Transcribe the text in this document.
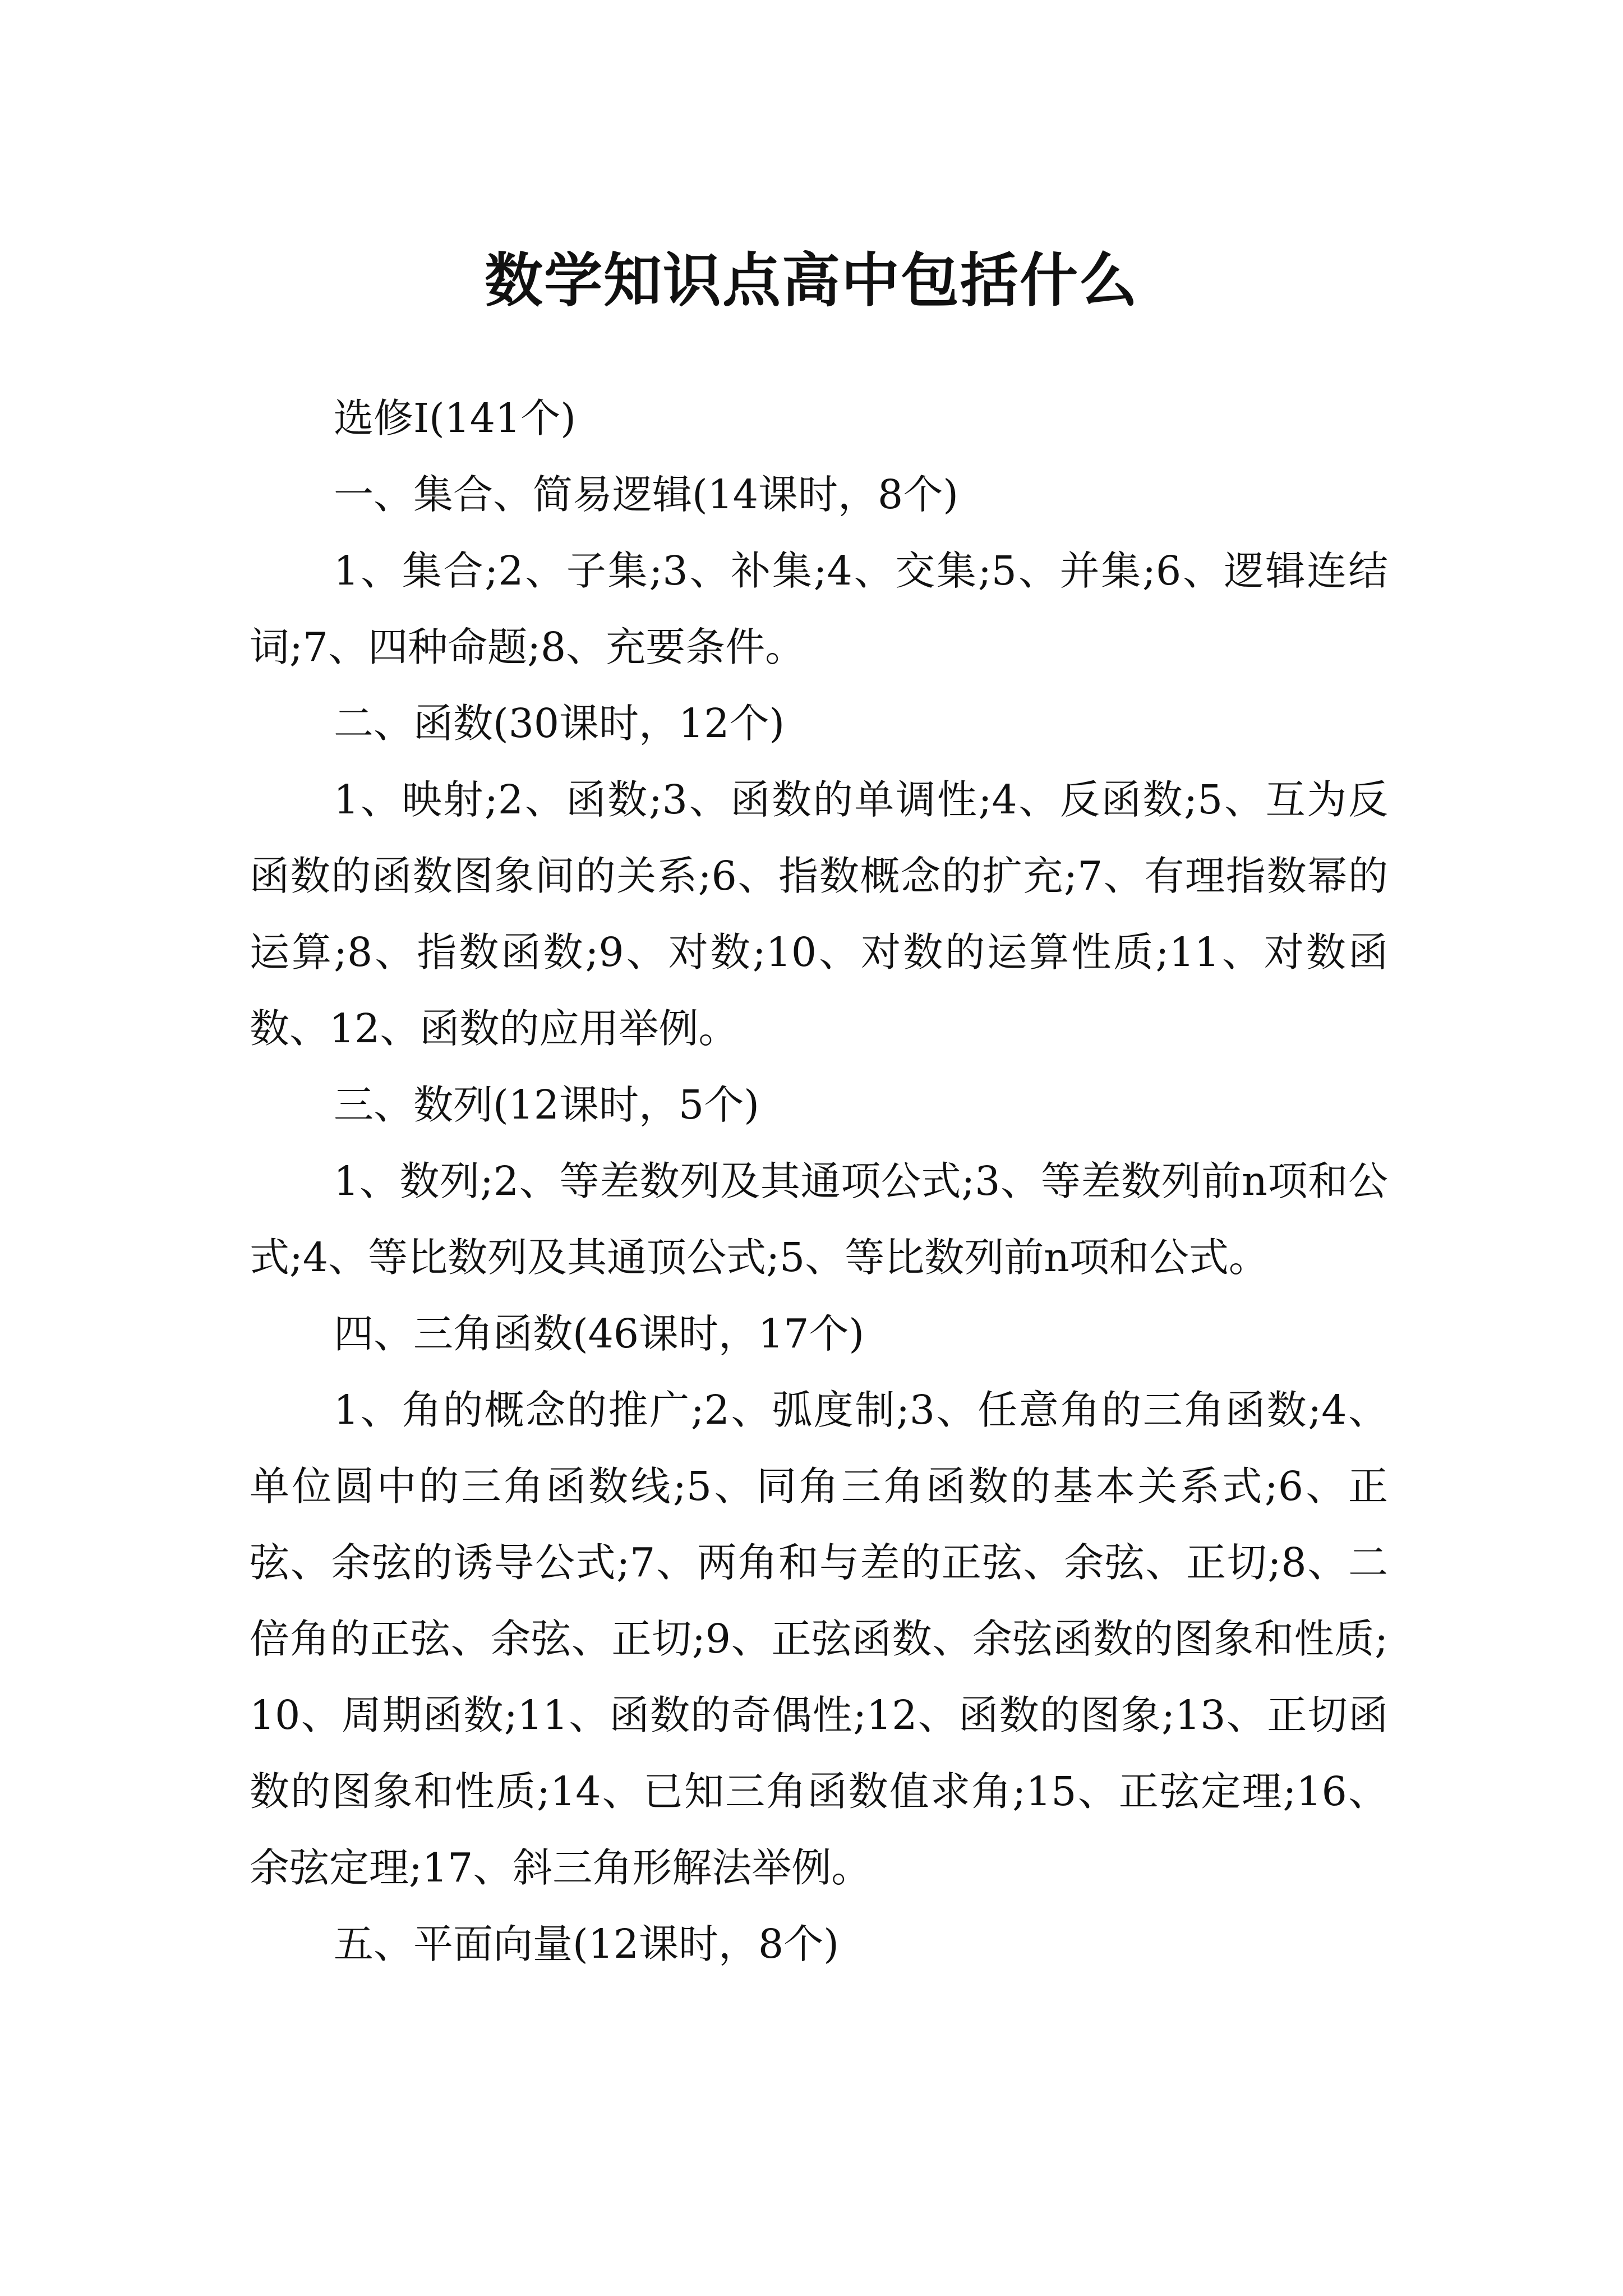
数学知识点高中包括什么

选修Ⅰ(141个)

一、集合、简易逻辑(14课时，8个)

1、集合;2、子集;3、补集;4、交集;5、并集;6、逻辑连结词;7、四种命题;8、充要条件。

二、函数(30课时，12个)

1、映射;2、函数;3、函数的单调性;4、反函数;5、互为反函数的函数图象间的关系;6、指数概念的扩充;7、有理指数幂的运算;8、指数函数;9、对数;10、对数的运算性质;11、对数函数、12、函数的应用举例。

三、数列(12课时，5个)

1、数列;2、等差数列及其通项公式;3、等差数列前n项和公式;4、等比数列及其通顶公式;5、等比数列前n项和公式。

四、三角函数(46课时，17个)

1、角的概念的推广;2、弧度制;3、任意角的三角函数;4、单位圆中的三角函数线;5、同角三角函数的基本关系式;6、正弦、余弦的诱导公式;7、两角和与差的正弦、余弦、正切;8、二倍角的正弦、余弦、正切;9、正弦函数、余弦函数的图象和性质;10、周期函数;11、函数的奇偶性;12、函数的图象;13、正切函数的图象和性质;14、已知三角函数值求角;15、正弦定理;16、余弦定理;17、斜三角形解法举例。

五、平面向量(12课时，8个)
